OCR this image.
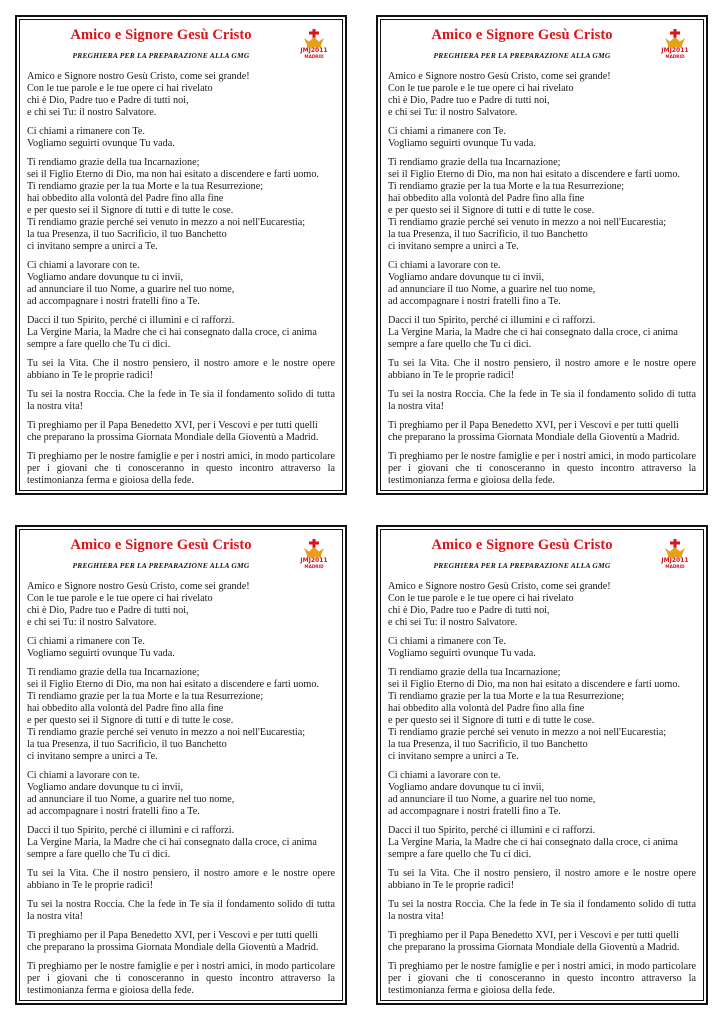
Amico e Signore Gesù Cristo
PREGHIERA PER LA PREPARAZIONE ALLA GMG
JMJ2011
MADRID
Amico e Signore nostro Gesù Cristo, come sei grande!
Con le tue parole e le tue opere ci hai rivelato
chi è Dio, Padre tuo e Padre di tutti noi,
e chi sei Tu: il nostro Salvatore.
Ci chiami a rimanere con Te.
Vogliamo seguirti ovunque Tu vada.
Ti rendiamo grazie della tua Incarnazione;
sei il Figlio Eterno di Dio, ma non hai esitato a discendere e farti uomo.
Ti rendiamo grazie per la tua Morte e la tua Resurrezione;
hai obbedito alla volontà del Padre fino alla fine
e per questo sei il Signore di tutti e di tutte le cose.
Ti rendiamo grazie perché sei venuto in mezzo a noi nell'Eucarestia;
la tua Presenza, il tuo Sacrificio, il tuo Banchetto
ci invitano sempre a unirci a Te.
Ci chiami a lavorare con te.
Vogliamo andare dovunque tu ci invii,
ad annunciare il tuo Nome, a guarire nel tuo nome,
ad accompagnare i nostri fratelli fino a Te.
Dacci il tuo Spirito, perché ci illumini e ci rafforzi.
La Vergine Maria, la Madre che ci hai consegnato dalla croce, ci anima
sempre a fare quello che Tu ci dici.
Tu sei la Vita. Che il nostro pensiero, il nostro amore e le nostre opere abbiano in Te le proprie radici!
Tu sei la nostra Roccia. Che la fede in Te sia il fondamento solido di tutta la nostra vita!
Ti preghiamo per il Papa Benedetto XVI, per i Vescovi e per tutti quelli
che preparano la prossima Giornata Mondiale della Gioventù a Madrid.
Ti preghiamo per le nostre famiglie e per i nostri amici, in modo particolare per i giovani che ti conosceranno in questo incontro attraverso la testimonianza ferma e gioiosa della fede.
Amico e Signore Gesù Cristo
PREGHIERA PER LA PREPARAZIONE ALLA GMG
JMJ2011
MADRID
Amico e Signore nostro Gesù Cristo, come sei grande!
Con le tue parole e le tue opere ci hai rivelato
chi è Dio, Padre tuo e Padre di tutti noi,
e chi sei Tu: il nostro Salvatore.
Ci chiami a rimanere con Te.
Vogliamo seguirti ovunque Tu vada.
Ti rendiamo grazie della tua Incarnazione;
sei il Figlio Eterno di Dio, ma non hai esitato a discendere e farti uomo.
Ti rendiamo grazie per la tua Morte e la tua Resurrezione;
hai obbedito alla volontà del Padre fino alla fine
e per questo sei il Signore di tutti e di tutte le cose.
Ti rendiamo grazie perché sei venuto in mezzo a noi nell'Eucarestia;
la tua Presenza, il tuo Sacrificio, il tuo Banchetto
ci invitano sempre a unirci a Te.
Ci chiami a lavorare con te.
Vogliamo andare dovunque tu ci invii,
ad annunciare il tuo Nome, a guarire nel tuo nome,
ad accompagnare i nostri fratelli fino a Te.
Dacci il tuo Spirito, perché ci illumini e ci rafforzi.
La Vergine Maria, la Madre che ci hai consegnato dalla croce, ci anima
sempre a fare quello che Tu ci dici.
Tu sei la Vita. Che il nostro pensiero, il nostro amore e le nostre opere abbiano in Te le proprie radici!
Tu sei la nostra Roccia. Che la fede in Te sia il fondamento solido di tutta la nostra vita!
Ti preghiamo per il Papa Benedetto XVI, per i Vescovi e per tutti quelli
che preparano la prossima Giornata Mondiale della Gioventù a Madrid.
Ti preghiamo per le nostre famiglie e per i nostri amici, in modo particolare per i giovani che ti conosceranno in questo incontro attraverso la testimonianza ferma e gioiosa della fede.
Amico e Signore Gesù Cristo
PREGHIERA PER LA PREPARAZIONE ALLA GMG
JMJ2011
MADRID
Amico e Signore nostro Gesù Cristo, come sei grande!
Con le tue parole e le tue opere ci hai rivelato
chi è Dio, Padre tuo e Padre di tutti noi,
e chi sei Tu: il nostro Salvatore.
Ci chiami a rimanere con Te.
Vogliamo seguirti ovunque Tu vada.
Ti rendiamo grazie della tua Incarnazione;
sei il Figlio Eterno di Dio, ma non hai esitato a discendere e farti uomo.
Ti rendiamo grazie per la tua Morte e la tua Resurrezione;
hai obbedito alla volontà del Padre fino alla fine
e per questo sei il Signore di tutti e di tutte le cose.
Ti rendiamo grazie perché sei venuto in mezzo a noi nell'Eucarestia;
la tua Presenza, il tuo Sacrificio, il tuo Banchetto
ci invitano sempre a unirci a Te.
Ci chiami a lavorare con te.
Vogliamo andare dovunque tu ci invii,
ad annunciare il tuo Nome, a guarire nel tuo nome,
ad accompagnare i nostri fratelli fino a Te.
Dacci il tuo Spirito, perché ci illumini e ci rafforzi.
La Vergine Maria, la Madre che ci hai consegnato dalla croce, ci anima
sempre a fare quello che Tu ci dici.
Tu sei la Vita. Che il nostro pensiero, il nostro amore e le nostre opere abbiano in Te le proprie radici!
Tu sei la nostra Roccia. Che la fede in Te sia il fondamento solido di tutta la nostra vita!
Ti preghiamo per il Papa Benedetto XVI, per i Vescovi e per tutti quelli
che preparano la prossima Giornata Mondiale della Gioventù a Madrid.
Ti preghiamo per le nostre famiglie e per i nostri amici, in modo particolare per i giovani che ti conosceranno in questo incontro attraverso la testimonianza ferma e gioiosa della fede.
Amico e Signore Gesù Cristo
PREGHIERA PER LA PREPARAZIONE ALLA GMG
JMJ2011
MADRID
Amico e Signore nostro Gesù Cristo, come sei grande!
Con le tue parole e le tue opere ci hai rivelato
chi è Dio, Padre tuo e Padre di tutti noi,
e chi sei Tu: il nostro Salvatore.
Ci chiami a rimanere con Te.
Vogliamo seguirti ovunque Tu vada.
Ti rendiamo grazie della tua Incarnazione;
sei il Figlio Eterno di Dio, ma non hai esitato a discendere e farti uomo.
Ti rendiamo grazie per la tua Morte e la tua Resurrezione;
hai obbedito alla volontà del Padre fino alla fine
e per questo sei il Signore di tutti e di tutte le cose.
Ti rendiamo grazie perché sei venuto in mezzo a noi nell'Eucarestia;
la tua Presenza, il tuo Sacrificio, il tuo Banchetto
ci invitano sempre a unirci a Te.
Ci chiami a lavorare con te.
Vogliamo andare dovunque tu ci invii,
ad annunciare il tuo Nome, a guarire nel tuo nome,
ad accompagnare i nostri fratelli fino a Te.
Dacci il tuo Spirito, perché ci illumini e ci rafforzi.
La Vergine Maria, la Madre che ci hai consegnato dalla croce, ci anima
sempre a fare quello che Tu ci dici.
Tu sei la Vita. Che il nostro pensiero, il nostro amore e le nostre opere abbiano in Te le proprie radici!
Tu sei la nostra Roccia. Che la fede in Te sia il fondamento solido di tutta la nostra vita!
Ti preghiamo per il Papa Benedetto XVI, per i Vescovi e per tutti quelli
che preparano la prossima Giornata Mondiale della Gioventù a Madrid.
Ti preghiamo per le nostre famiglie e per i nostri amici, in modo particolare per i giovani che ti conosceranno in questo incontro attraverso la testimonianza ferma e gioiosa della fede.
